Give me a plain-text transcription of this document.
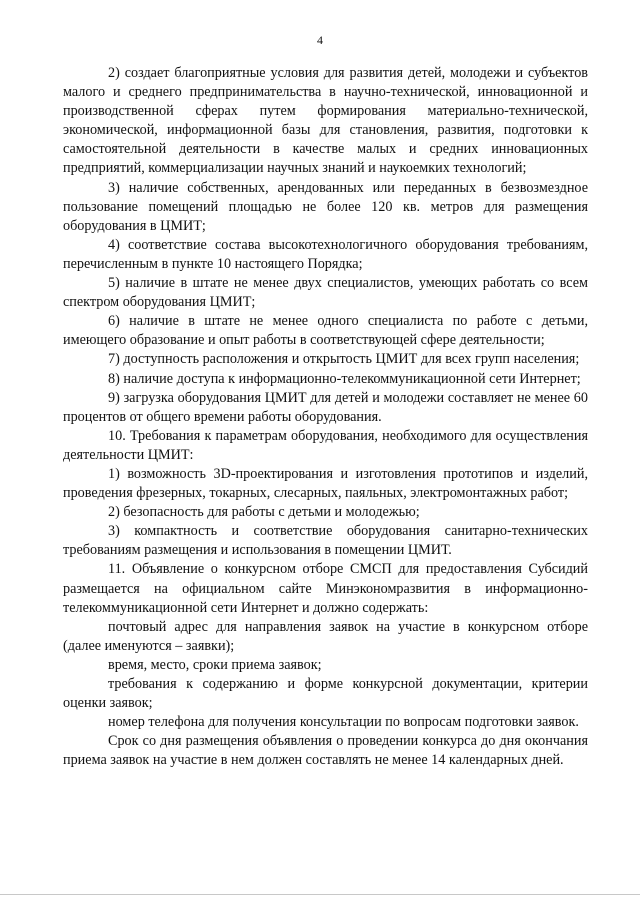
4

2) создает благоприятные условия для развития детей, молодежи и субъектов малого и среднего предпринимательства в научно-технической, инновационной и производственной сферах путем формирования материально-технической, экономической, информационной базы для становления, развития, подготовки к самостоятельной деятельности в качестве малых и средних инновационных предприятий, коммерциализации научных знаний и наукоемких технологий;

3) наличие собственных, арендованных или переданных в безвозмездное пользование помещений площадью не более 120 кв. метров для размещения оборудования в ЦМИТ;

4) соответствие состава высокотехнологичного оборудования требованиям, перечисленным в пункте 10 настоящего Порядка;

5) наличие в штате не менее двух специалистов, умеющих работать со всем спектром оборудования ЦМИТ;

6) наличие в штате не менее одного специалиста по работе с детьми, имеющего образование и опыт работы в соответствующей сфере деятельности;

7) доступность расположения и открытость ЦМИТ для всех групп населения;

8) наличие доступа к информационно-телекоммуникационной сети Интернет;

9) загрузка оборудования ЦМИТ для детей и молодежи составляет не менее 60 процентов от общего времени работы оборудования.

10. Требования к параметрам оборудования, необходимого для осуществления деятельности ЦМИТ:

1) возможность 3D-проектирования и изготовления прототипов и изделий, проведения фрезерных, токарных, слесарных, паяльных, электромонтажных работ;

2) безопасность для работы с детьми и молодежью;

3) компактность и соответствие оборудования санитарно-технических требованиям размещения и использования в помещении ЦМИТ.

11. Объявление о конкурсном отборе СМСП для предоставления Субсидий размещается на официальном сайте Минэкономразвития в информационно-телекоммуникационной сети Интернет и должно содержать:

почтовый адрес для направления заявок на участие в конкурсном отборе (далее именуются – заявки);

время, место, сроки приема заявок;

требования к содержанию и форме конкурсной документации, критерии оценки заявок;

номер телефона для получения консультации по вопросам подготовки заявок.

Срок со дня размещения объявления о проведении конкурса до дня окончания приема заявок на участие в нем должен составлять не менее 14 календарных дней.
